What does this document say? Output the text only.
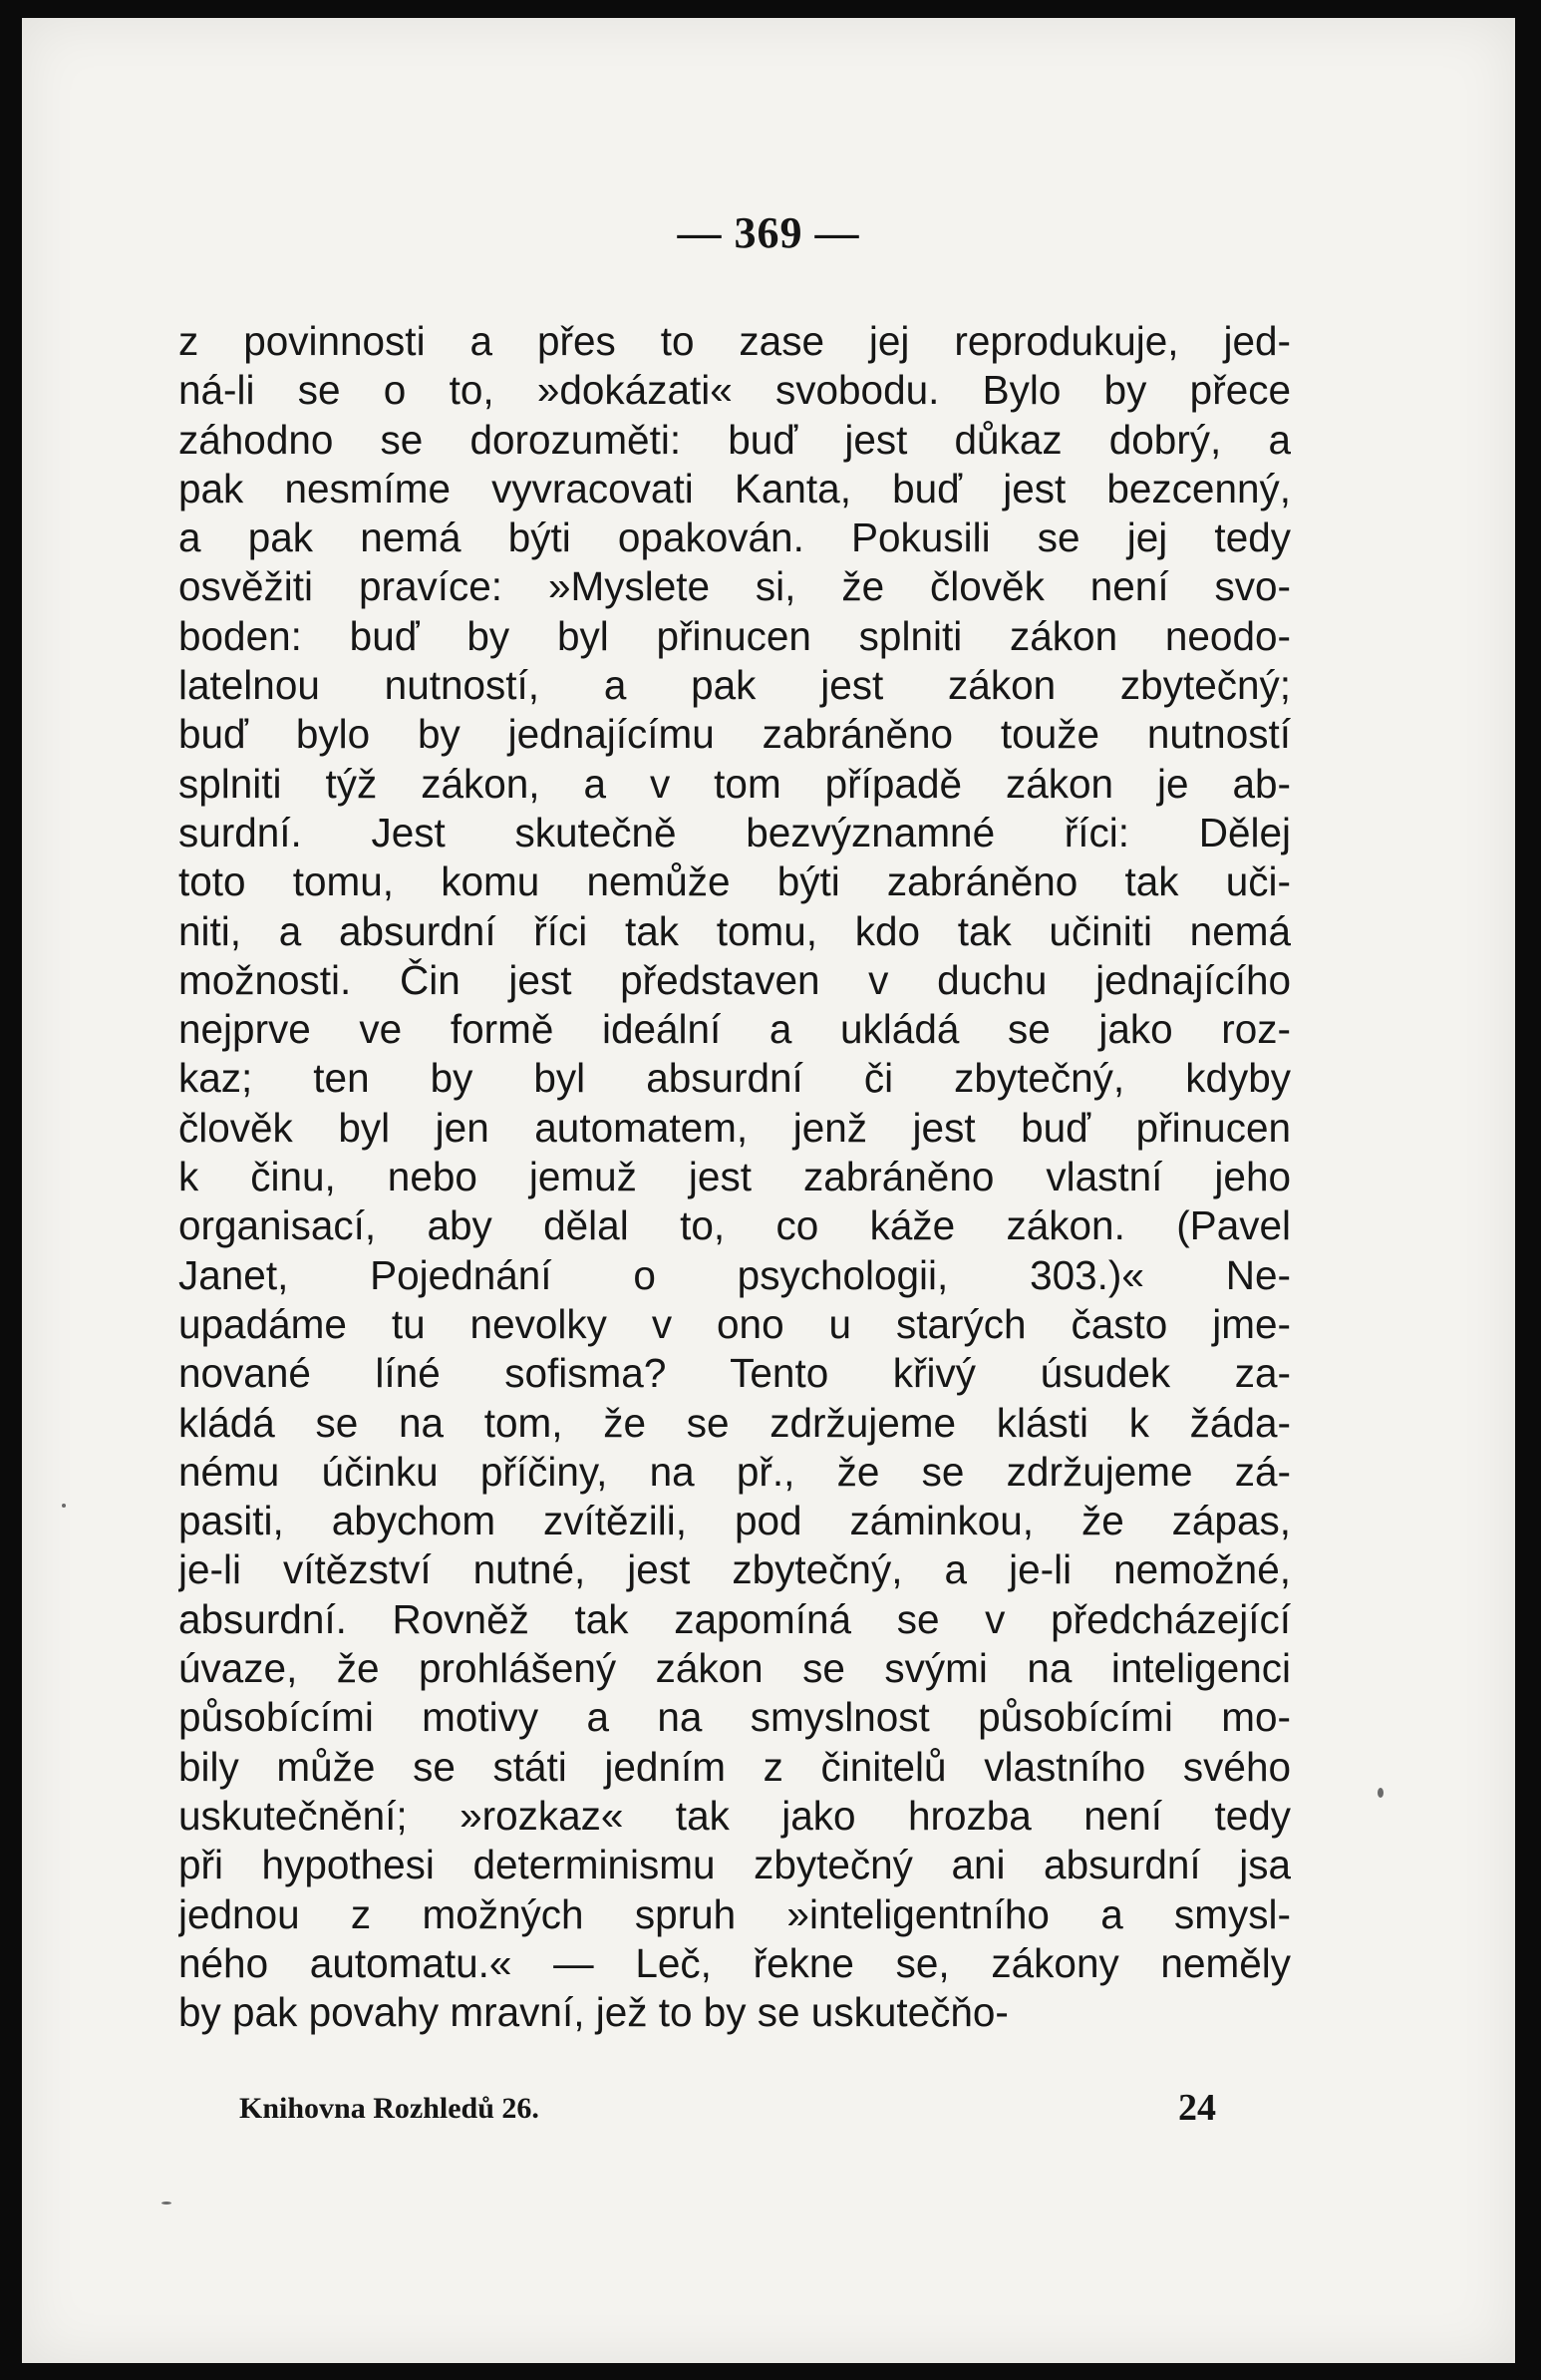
— 369 —
z povinnosti a přes to zase jej reprodukuje, jed-
ná-li se o to, »dokázati« svobodu. Bylo by přece
záhodno se dorozuměti: buď jest důkaz dobrý, a
pak nesmíme vyvracovati Kanta, buď jest bezcenný,
a pak nemá býti opakován. Pokusili se jej tedy
osvěžiti pravíce: »Myslete si, že člověk není svo-
boden: buď by byl přinucen splniti zákon neodo-
latelnou nutností, a pak jest zákon zbytečný;
buď bylo by jednajícímu zabráněno touže nutností
splniti týž zákon, a v tom případě zákon je ab-
surdní. Jest skutečně bezvýznamné říci: Dělej
toto tomu, komu nemůže býti zabráněno tak uči-
niti, a absurdní říci tak tomu, kdo tak učiniti nemá
možnosti. Čin jest představen v duchu jednajícího
nejprve ve formě ideální a ukládá se jako roz-
kaz; ten by byl absurdní či zbytečný, kdyby
člověk byl jen automatem, jenž jest buď přinucen
k činu, nebo jemuž jest zabráněno vlastní jeho
organisací, aby dělal to, co káže zákon. (Pavel
Janet, Pojednání o psychologii, 303.)« Ne-
upadáme tu nevolky v ono u starých často jme-
nované líné sofisma? Tento křivý úsudek za-
kládá se na tom, že se zdržujeme klásti k žáda-
nému účinku příčiny, na př., že se zdržujeme zá-
pasiti, abychom zvítězili, pod záminkou, že zápas,
je-li vítězství nutné, jest zbytečný, a je-li nemožné,
absurdní. Rovněž tak zapomíná se v předcházející
úvaze, že prohlášený zákon se svými na inteligenci
působícími motivy a na smyslnost působícími mo-
bily může se státi jedním z činitelů vlastního svého
uskutečnění; »rozkaz« tak jako hrozba není tedy
při hypothesi determinismu zbytečný ani absurdní jsa
jednou z možných spruh »inteligentního a smysl-
ného automatu.« — Leč, řekne se, zákony neměly
by pak povahy mravní, jež to by se uskutečňo-
Knihovna Rozhledů 26.	24
